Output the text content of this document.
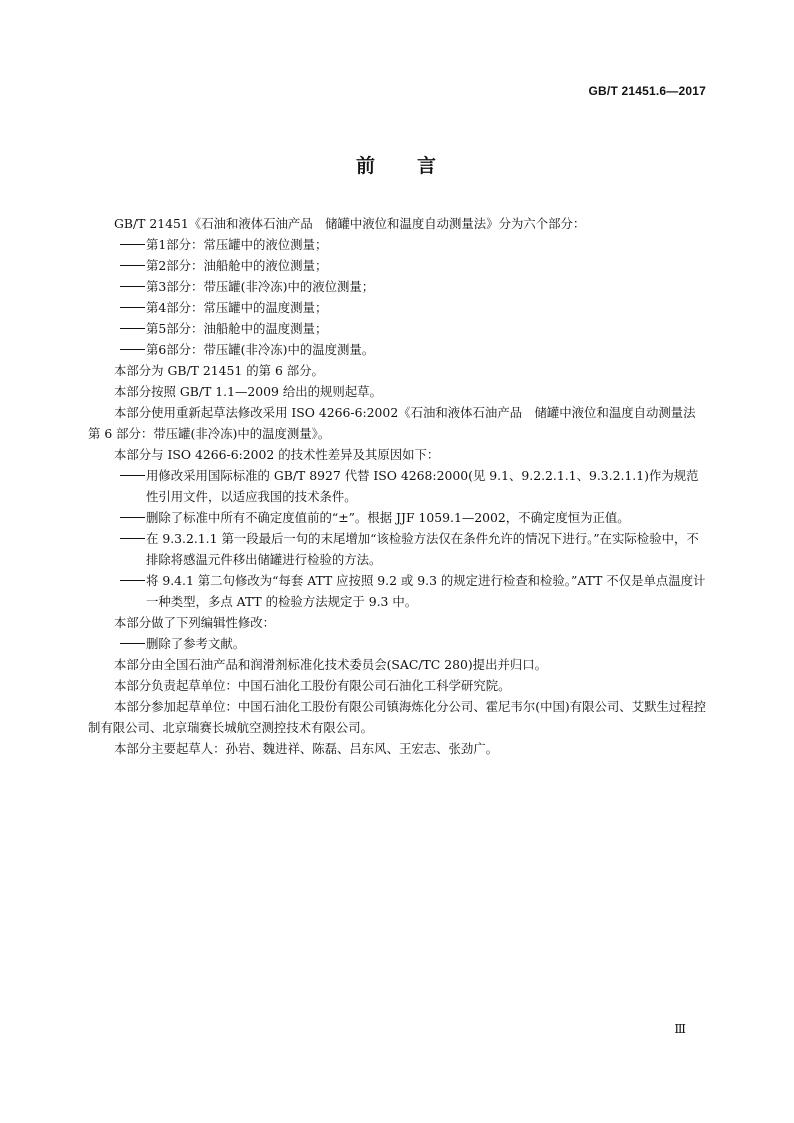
GB/T 21451.6—2017
前 言

GB/T 21451《石油和液体石油产品　储罐中液位和温度自动测量法》分为六个部分：

第1部分：常压罐中的液位测量；

第2部分：油船舱中的液位测量；

第3部分：带压罐(非冷冻)中的液位测量；

第4部分：常压罐中的温度测量；

第5部分：油船舱中的温度测量；

第6部分：带压罐(非冷冻)中的温度测量。

本部分为 GB/T 21451 的第 6 部分。

本部分按照 GB/T 1.1—2009 给出的规则起草。

本部分使用重新起草法修改采用 ISO 4266-6:2002《石油和液体石油产品　储罐中液位和温度自动测量法　第 6 部分：带压罐(非冷冻)中的温度测量》。

本部分与 ISO 4266-6:2002 的技术性差异及其原因如下：

用修改采用国际标准的 GB/T 8927 代替 ISO 4268:2000(见 9.1、9.2.2.1.1、9.3.2.1.1)作为规范性引用文件，以适应我国的技术条件。

删除了标准中所有不确定度值前的“±”。根据 JJF 1059.1—2002，不确定度恒为正值。

在 9.3.2.1.1 第一段最后一句的末尾增加“该检验方法仅在条件允许的情况下进行。”在实际检验中，不排除将感温元件移出储罐进行检验的方法。

将 9.4.1 第二句修改为“每套 ATT 应按照 9.2 或 9.3 的规定进行检查和检验。”ATT 不仅是单点温度计一种类型，多点 ATT 的检验方法规定于 9.3 中。

本部分做了下列编辑性修改：

删除了参考文献。

本部分由全国石油产品和润滑剂标准化技术委员会(SAC/TC 280)提出并归口。

本部分负责起草单位：中国石油化工股份有限公司石油化工科学研究院。

本部分参加起草单位：中国石油化工股份有限公司镇海炼化分公司、霍尼韦尔(中国)有限公司、艾默生过程控制有限公司、北京瑞赛长城航空测控技术有限公司。

本部分主要起草人：孙岩、魏进祥、陈磊、吕东风、王宏志、张劲广。

Ⅲ
